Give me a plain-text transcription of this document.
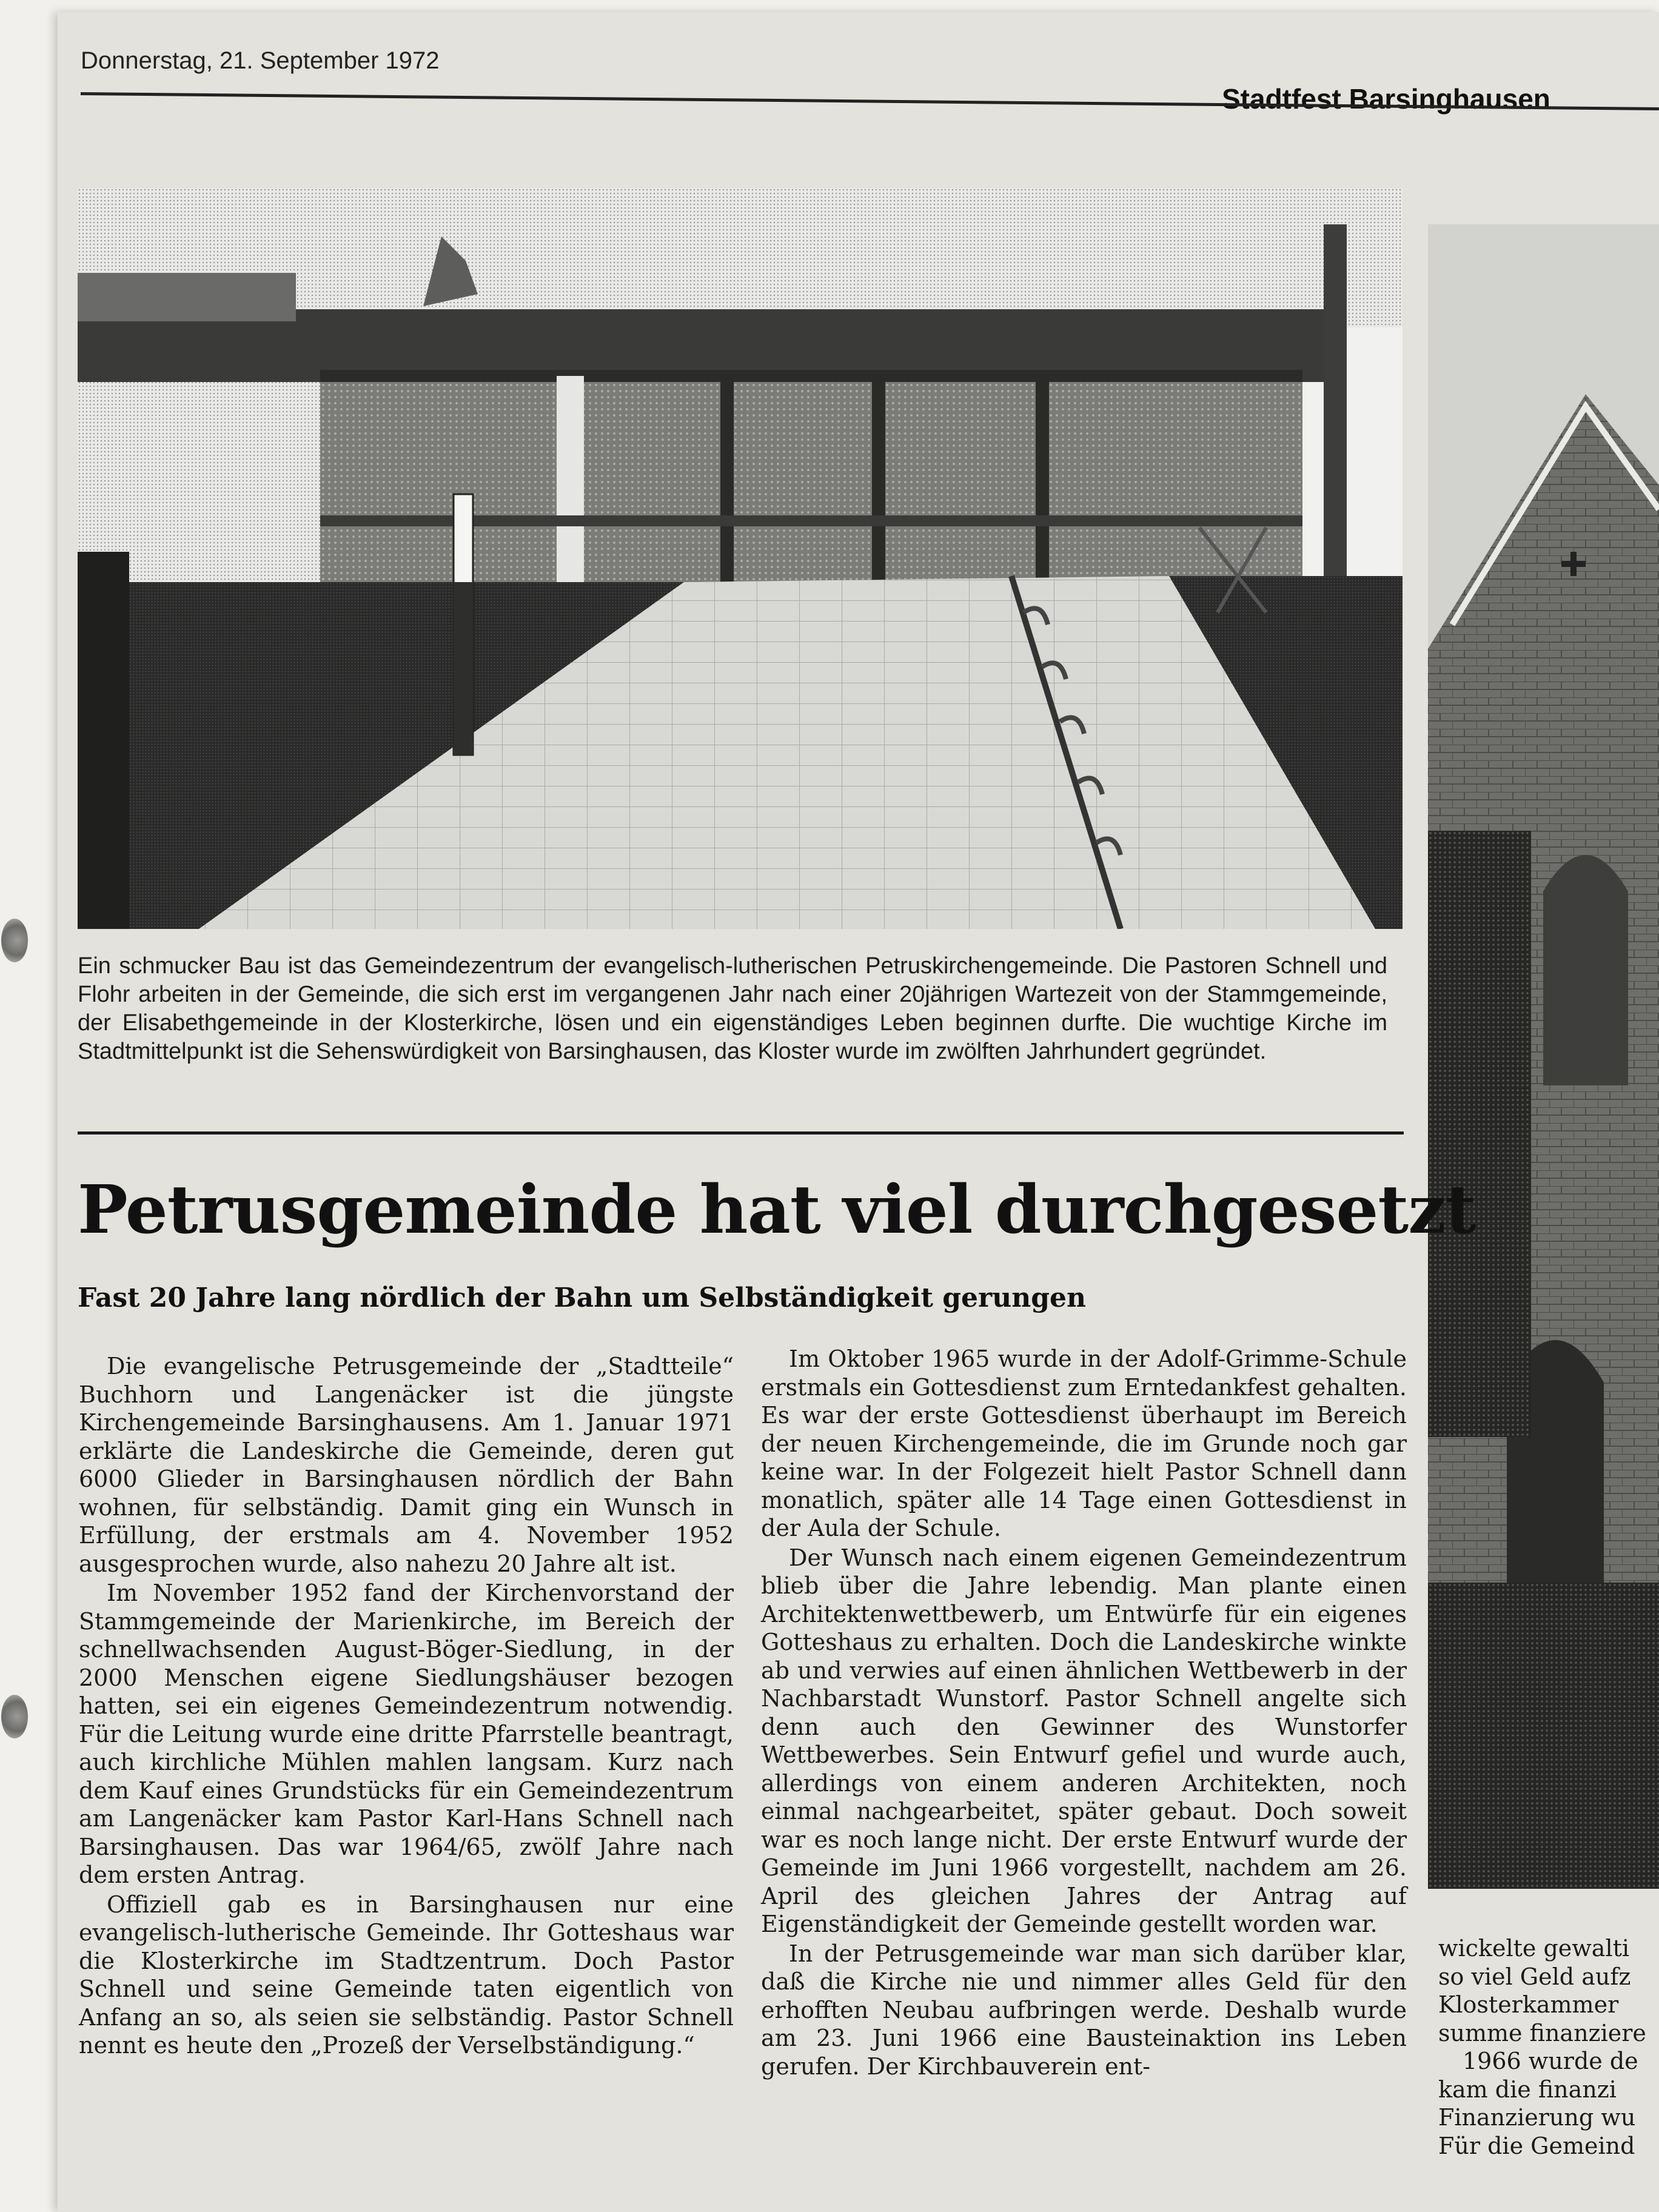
Donnerstag, 21. September 1972
Stadtfest Barsinghausen
Ein schmucker Bau ist das Gemeindezentrum der evangelisch-lutherischen Petruskirchengemeinde. Die Pastoren Schnell und Flohr arbeiten in der Gemeinde, die sich erst im vergangenen Jahr nach einer 20jährigen Wartezeit von der Stammgemeinde, der Elisabethgemeinde in der Klosterkirche, lösen und ein eigenständiges Leben beginnen durfte. Die wuchtige Kirche im Stadtmittelpunkt ist die Sehenswürdigkeit von Barsinghausen, das Kloster wurde im zwölften Jahrhundert gegründet.
Petrusgemeinde hat viel durchgesetzt
Fast 20 Jahre lang nördlich der Bahn um Selbständigkeit gerungen

Die evangelische Petrusgemeinde der „Stadtteile“ Buchhorn und Langenäcker ist die jüngste Kirchengemeinde Barsinghausens. Am 1. Januar 1971 erklärte die Landeskirche die Gemeinde, deren gut 6000 Glieder in Barsinghausen nördlich der Bahn wohnen, für selbständig. Damit ging ein Wunsch in Erfüllung, der erstmals am 4. November 1952 ausgesprochen wurde, also nahezu 20 Jahre alt ist.

Im November 1952 fand der Kirchenvorstand der Stammgemeinde der Marienkirche, im Bereich der schnellwachsenden August-Böger-Siedlung, in der 2000 Menschen eigene Siedlungshäuser bezogen hatten, sei ein eigenes Gemeindezentrum notwendig. Für die Leitung wurde eine dritte Pfarrstelle beantragt, auch kirchliche Mühlen mahlen langsam. Kurz nach dem Kauf eines Grundstücks für ein Gemeindezentrum am Langenäcker kam Pastor Karl-Hans Schnell nach Barsinghausen. Das war 1964/65, zwölf Jahre nach dem ersten Antrag.

Offiziell gab es in Barsinghausen nur eine evangelisch-lutherische Gemeinde. Ihr Gotteshaus war die Klosterkirche im Stadtzentrum. Doch Pastor Schnell und seine Gemeinde taten eigentlich von Anfang an so, als seien sie selbständig. Pastor Schnell nennt es heute den „Prozeß der Verselbständigung.“

Im Oktober 1965 wurde in der Adolf-Grimme-Schule erstmals ein Gottesdienst zum Erntedankfest gehalten. Es war der erste Gottesdienst überhaupt im Bereich der neuen Kirchengemeinde, die im Grunde noch gar keine war. In der Folgezeit hielt Pastor Schnell dann monatlich, später alle 14 Tage einen Gottesdienst in der Aula der Schule.

Der Wunsch nach einem eigenen Gemeindezentrum blieb über die Jahre lebendig. Man plante einen Architektenwettbewerb, um Entwürfe für ein eigenes Gotteshaus zu erhalten. Doch die Landeskirche winkte ab und verwies auf einen ähnlichen Wettbewerb in der Nachbarstadt Wunstorf. Pastor Schnell angelte sich denn auch den Gewinner des Wunstorfer Wettbewerbes. Sein Entwurf gefiel und wurde auch, allerdings von einem anderen Architekten, noch einmal nachgearbeitet, später gebaut. Doch soweit war es noch lange nicht. Der erste Entwurf wurde der Gemeinde im Juni 1966 vorgestellt, nachdem am 26. April des gleichen Jahres der Antrag auf Eigenständigkeit der Gemeinde gestellt worden war.

In der Petrusgemeinde war man sich darüber klar, daß die Kirche nie und nimmer alles Geld für den erhofften Neubau aufbringen werde. Deshalb wurde am 23. Juni 1966 eine Bausteinaktion ins Leben gerufen. Der Kirchbauverein ent-

wickelte gewalti
so viel Geld aufz
Klosterkammer
summe finanziere
1966 wurde de
kam die finanzi
Finanzierung wu
Für die Gemeind
